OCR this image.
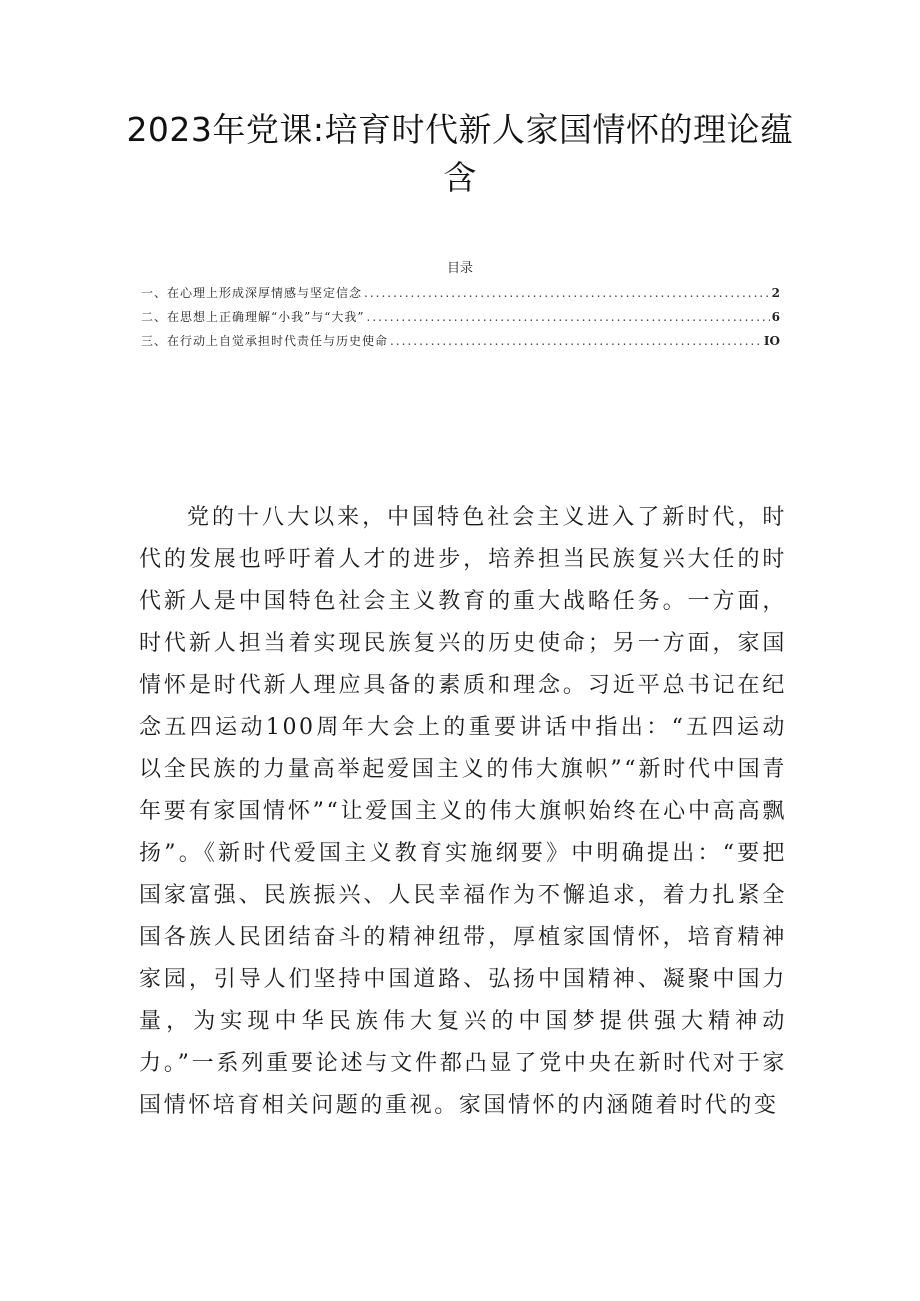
2023年党课:培育时代新人家国情怀的理论蕴含
目录
一、在心理上形成深厚情感与坚定信念 .....	2
二、在思想上正确理解“小我”与“大我” .....	6
三、在行动上自觉承担时代责任与历史使命 .....	IO

党的十八大以来，中国特色社会主义进入了新时代，时代的发展也呼吁着人才的进步，培养担当民族复兴大任的时代新人是中国特色社会主义教育的重大战略任务。一方面，时代新人担当着实现民族复兴的历史使命；另一方面，家国情怀是时代新人理应具备的素质和理念。习近平总书记在纪念五四运动100周年大会上的重要讲话中指出：“五四运动以全民族的力量高举起爱国主义的伟大旗帜”“新时代中国青年要有家国情怀”“让爱国主义的伟大旗帜始终在心中高高飘扬”。《新时代爱国主义教育实施纲要》中明确提出：“要把国家富强、民族振兴、人民幸福作为不懈追求，着力扎紧全国各族人民团结奋斗的精神纽带，厚植家国情怀，培育精神家园，引导人们坚持中国道路、弘扬中国精神、凝聚中国力量，为实现中华民族伟大复兴的中国梦提供强大精神动力。”一系列重要论述与文件都凸显了党中央在新时代对于家国情怀培育相关问题的重视。家国情怀的内涵随着时代的变
